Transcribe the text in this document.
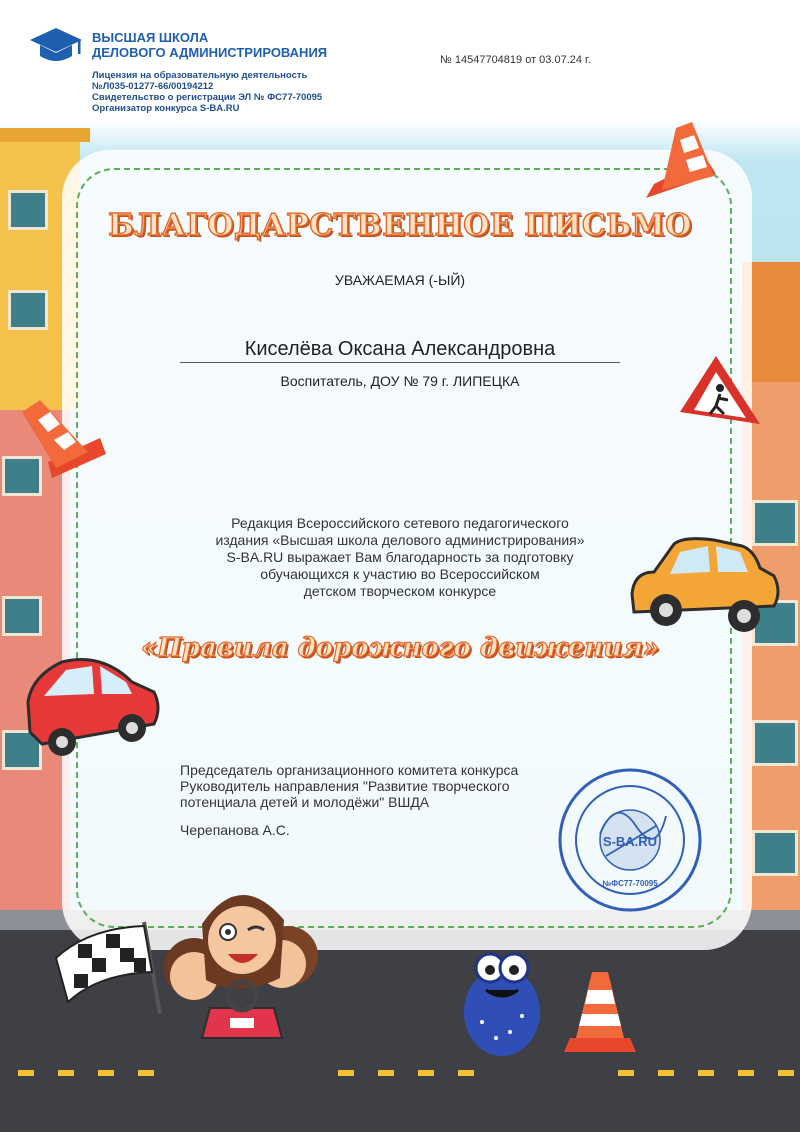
ВЫСШАЯ ШКОЛА
ДЕЛОВОГО АДМИНИСТРИРОВАНИЯ
Лицензия на образовательную деятельность
№Л035-01277-66/00194212
Свидетельство о регистрации ЭЛ № ФС77-70095
Организатор конкурса S-BA.RU
№ 14547704819 от 03.07.24 г.
БЛАГОДАРСТВЕННОЕ ПИСЬМО
УВАЖАЕМАЯ (-ЫЙ)
Киселёва Оксана Александровна
Воспитатель, ДОУ № 79 г. ЛИПЕЦКА
Редакция Всероссийского сетевого педагогического
издания «Высшая школа делового администрирования»
S-BA.RU выражает Вам благодарность за подготовку
обучающихся к участию во Всероссийском
детском творческом конкурсе
«Правила дорожного движения»
Председатель организационного комитета конкурса
Руководитель направления "Развитие творческого
потенциала детей и молодёжи" ВШДА
Черепанова А.С.
S-BA.RU
№ФС77-70095
